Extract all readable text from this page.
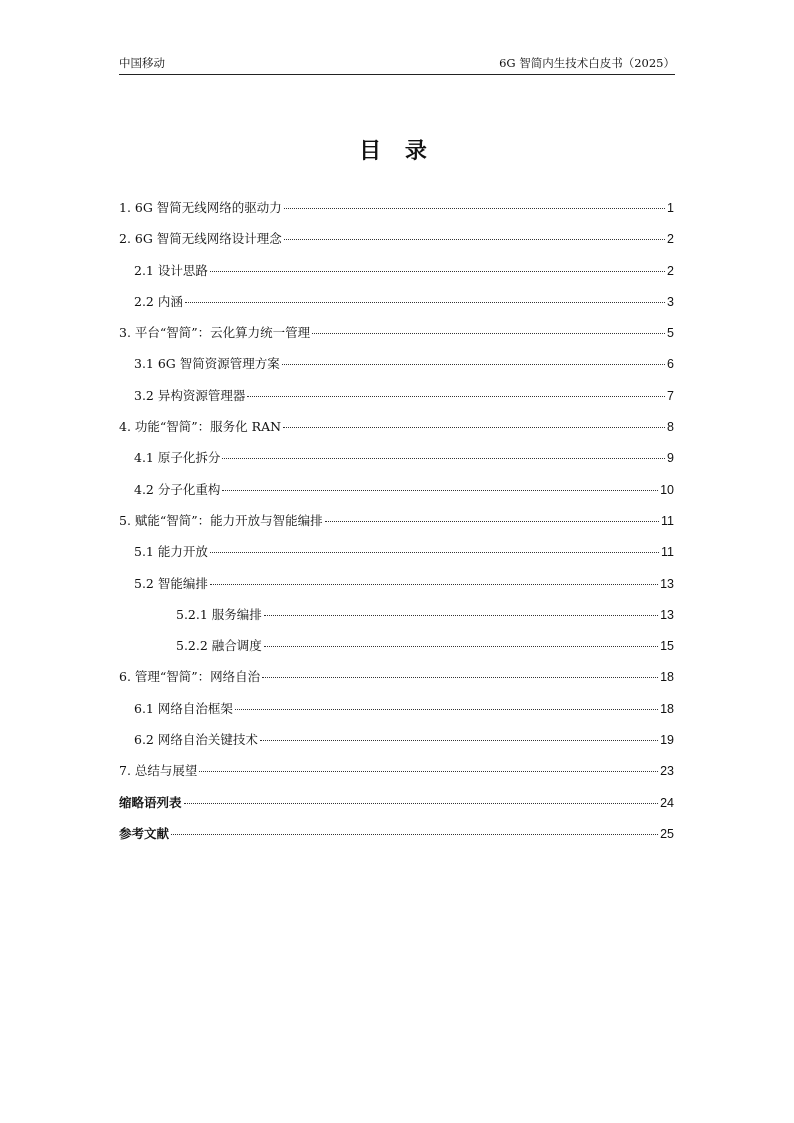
中国移动	6G 智简内生技术白皮书（2025）
目 录
1. 6G 智简无线网络的驱动力	1
2. 6G 智简无线网络设计理念	2
2.1 设计思路	2
2.2 内涵	3
3. 平台“智简”：云化算力统一管理	5
3.1 6G 智简资源管理方案	6
3.2 异构资源管理器	7
4. 功能“智简”：服务化 RAN	8
4.1 原子化拆分	9
4.2 分子化重构	10
5. 赋能“智简”：能力开放与智能编排	11
5.1 能力开放	11
5.2 智能编排	13
5.2.1 服务编排	13
5.2.2 融合调度	15
6. 管理“智简”：网络自治	18
6.1 网络自治框架	18
6.2 网络自治关键技术	19
7. 总结与展望	23
缩略语列表	24
参考文献	25
